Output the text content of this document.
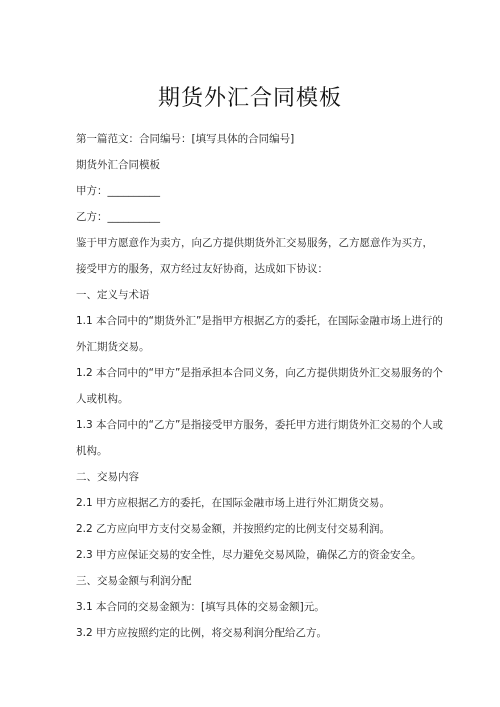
期货外汇合同模板
第一篇范文：合同编号：[填写具体的合同编号]
期货外汇合同模板
甲方：__________
乙方：__________
鉴于甲方愿意作为卖方，向乙方提供期货外汇交易服务，乙方愿意作为买方，
接受甲方的服务，双方经过友好协商，达成如下协议：
一、定义与术语
1.1 本合同中的“期货外汇”是指甲方根据乙方的委托，在国际金融市场上进行的
外汇期货交易。
1.2 本合同中的“甲方”是指承担本合同义务，向乙方提供期货外汇交易服务的个
人或机构。
1.3 本合同中的“乙方”是指接受甲方服务，委托甲方进行期货外汇交易的个人或
机构。
二、交易内容
2.1 甲方应根据乙方的委托，在国际金融市场上进行外汇期货交易。
2.2 乙方应向甲方支付交易金额，并按照约定的比例支付交易利润。
2.3 甲方应保证交易的安全性，尽力避免交易风险，确保乙方的资金安全。
三、交易金额与利润分配
3.1 本合同的交易金额为：[填写具体的交易金额]元。
3.2 甲方应按照约定的比例，将交易利润分配给乙方。
